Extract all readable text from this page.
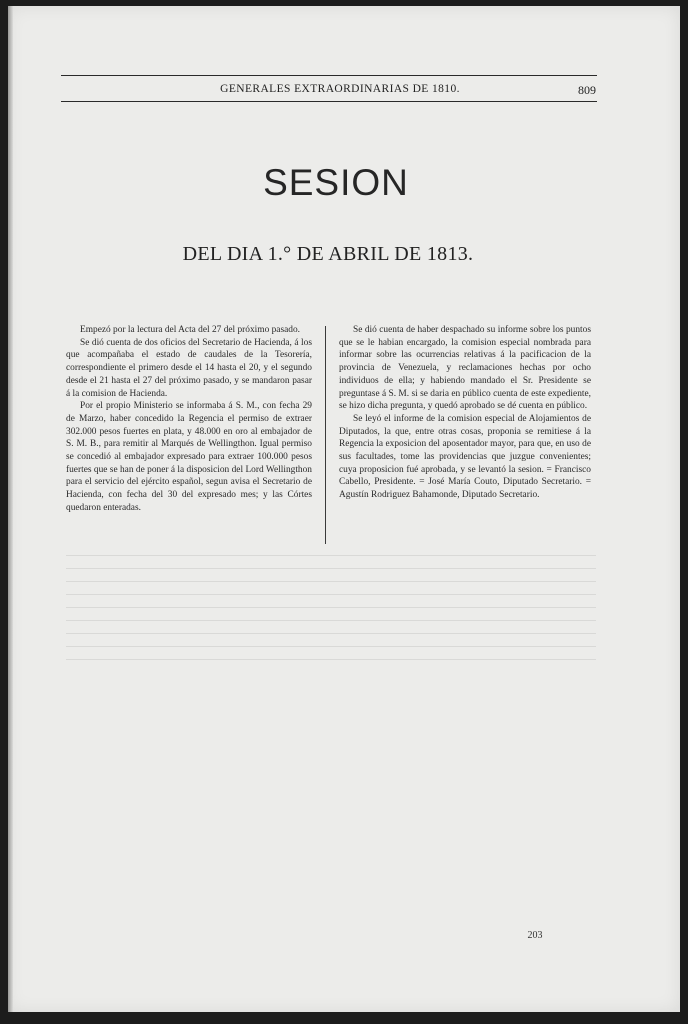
GENERALES EXTRAORDINARIAS DE 1810.	809
SESION
DEL DIA 1.° DE ABRIL DE 1813.

Empezó por la lectura del Acta del 27 del próximo pasado.

Se dió cuenta de dos oficios del Secretario de Hacienda, á los que acompañaba el estado de caudales de la Tesorería, correspondiente el primero desde el 14 hasta el 20, y el segundo desde el 21 hasta el 27 del próximo pasado, y se mandaron pasar á la comision de Hacienda.

Por el propio Ministerio se informaba á S. M., con fecha 29 de Marzo, haber concedido la Regencia el permiso de extraer 302.000 pesos fuertes en plata, y 48.000 en oro al embajador de S. M. B., para remitir al Marqués de Wellingthon. Igual permiso se concedió al embajador expresado para extraer 100.000 pesos fuertes que se han de poner á la disposicion del Lord Wellingthon para el servicio del ejército español, segun avisa el Secretario de Hacienda, con fecha del 30 del expresado mes; y las Córtes quedaron enteradas.

Se dió cuenta de haber despachado su informe sobre los puntos que se le habian encargado, la comision especial nombrada para informar sobre las ocurrencias relativas á la pacificacion de la provincia de Venezuela, y reclamaciones hechas por ocho individuos de ella; y habiendo mandado el Sr. Presidente se preguntase á S. M. si se daria en público cuenta de este expediente, se hizo dicha pregunta, y quedó aprobado se dé cuenta en público.

Se leyó el informe de la comision especial de Alojamientos de Diputados, la que, entre otras cosas, proponia se remitiese á la Regencia la exposicion del aposentador mayor, para que, en uso de sus facultades, tome las providencias que juzgue convenientes; cuya proposicion fué aprobada, y se levantó la sesion. = Francisco Cabello, Presidente. = José María Couto, Diputado Secretario. = Agustín Rodriguez Bahamonde, Diputado Secretario.

203
